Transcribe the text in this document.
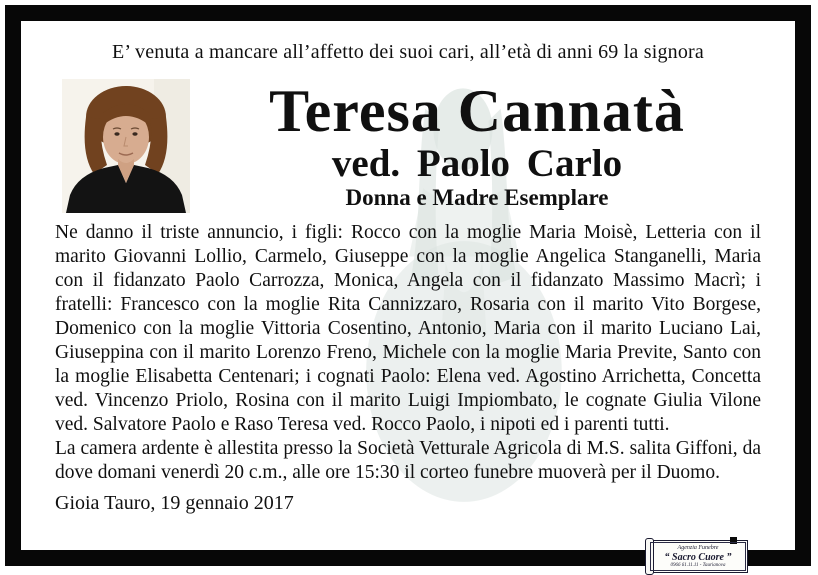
E’ venuta a mancare all’affetto dei suoi cari, all’età di anni 69 la signora
Teresa Cannatà
ved. Paolo Carlo
Donna e Madre Esemplare

Ne danno il triste annuncio, i figli: Rocco con la moglie Maria Moisè, Letteria con il marito Giovanni Lollio, Carmelo, Giuseppe con la moglie Angelica Stanganelli, Maria con il fidanzato Paolo Carrozza, Monica, Angela con il fidanzato Massimo Macrì; i fratelli: Francesco con la moglie Rita Cannizzaro, Rosaria con il marito Vito Borgese, Domenico con la moglie Vittoria Cosentino, Antonio, Maria con il marito Luciano Lai, Giuseppina con il marito Lorenzo Freno, Michele con la moglie Maria Previte, Santo con la moglie Elisabetta Centenari; i cognati Paolo: Elena ved. Agostino Arrichetta, Concetta ved. Vincenzo Priolo, Rosina con il marito Luigi Impiombato, le cognate Giulia Vilone ved. Salvatore Paolo e Raso Teresa ved. Rocco Paolo, i nipoti ed i parenti tutti.

La camera ardente è allestita presso la Società Vetturale Agricola di M.S. salita Giffoni, da dove domani venerdì 20 c.m., alle ore 15:30 il corteo funebre muoverà per il Duomo.

Gioia Tauro, 19 gennaio 2017
Agenzia Funebre
“ Sacro Cuore ”
0966 61.11.11 - Taurianova
